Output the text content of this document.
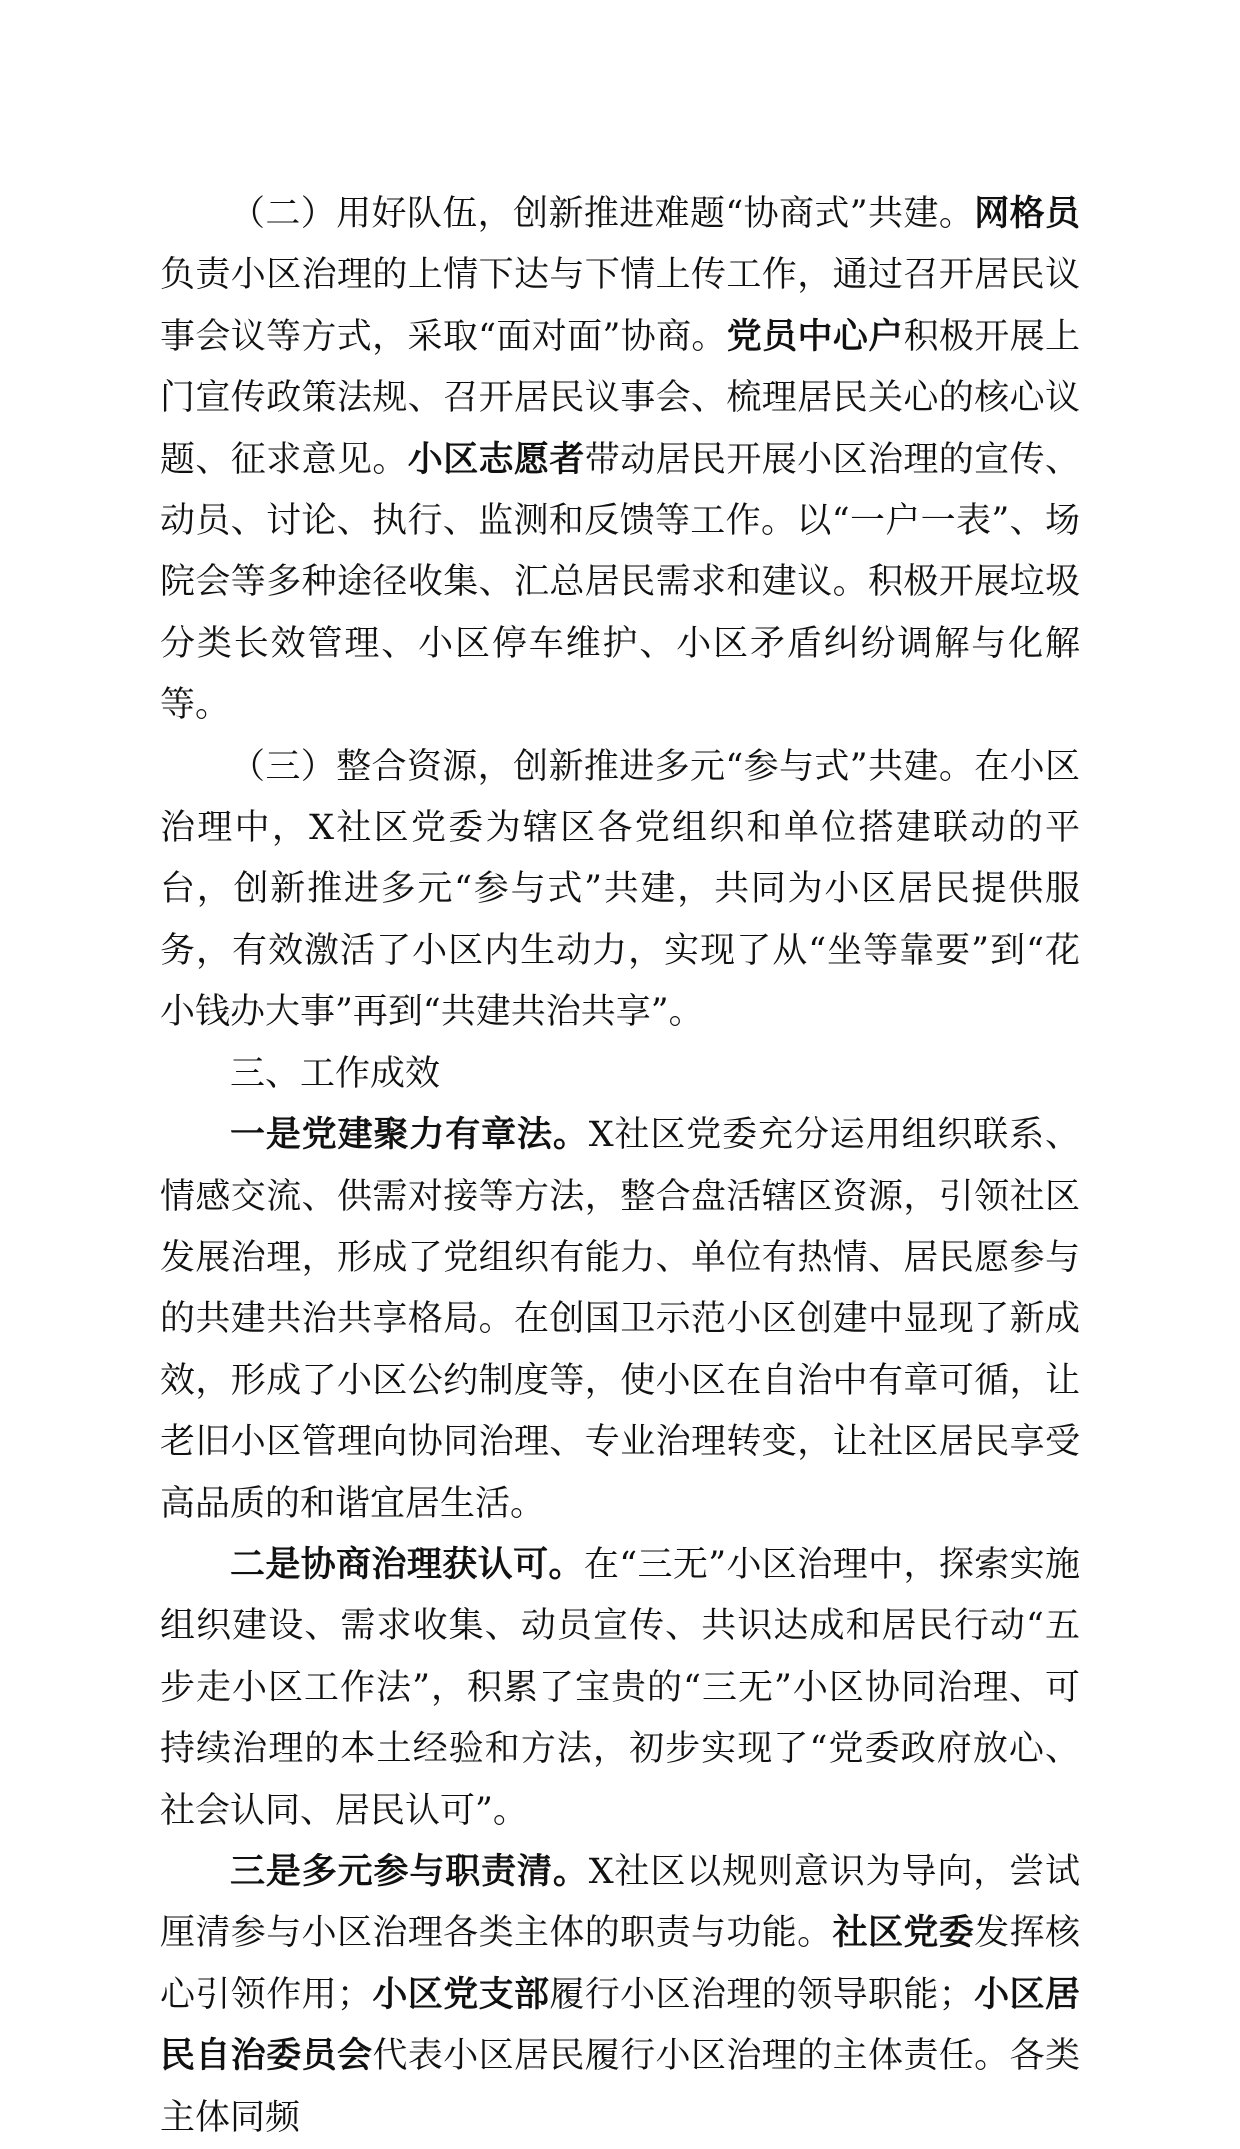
（二）用好队伍，创新推进难题“协商式”共建。网格员负责小区治理的上情下达与下情上传工作，通过召开居民议事会议等方式，采取“面对面”协商。党员中心户积极开展上门宣传政策法规、召开居民议事会、梳理居民关心的核心议题、征求意见。小区志愿者带动居民开展小区治理的宣传、动员、讨论、执行、监测和反馈等工作。以“一户一表”、场院会等多种途径收集、汇总居民需求和建议。积极开展垃圾分类长效管理、小区停车维护、小区矛盾纠纷调解与化解等。

（三）整合资源，创新推进多元“参与式”共建。在小区治理中，X社区党委为辖区各党组织和单位搭建联动的平台，创新推进多元“参与式”共建，共同为小区居民提供服务，有效激活了小区内生动力，实现了从“坐等靠要”到“花小钱办大事”再到“共建共治共享”。

三、工作成效

一是党建聚力有章法。X社区党委充分运用组织联系、情感交流、供需对接等方法，整合盘活辖区资源，引领社区发展治理，形成了党组织有能力、单位有热情、居民愿参与的共建共治共享格局。在创国卫示范小区创建中显现了新成效，形成了小区公约制度等，使小区在自治中有章可循，让老旧小区管理向协同治理、专业治理转变，让社区居民享受高品质的和谐宜居生活。

二是协商治理获认可。在“三无”小区治理中，探索实施组织建设、需求收集、动员宣传、共识达成和居民行动“五步走小区工作法”，积累了宝贵的“三无”小区协同治理、可持续治理的本土经验和方法，初步实现了“党委政府放心、社会认同、居民认可”。

三是多元参与职责清。X社区以规则意识为导向，尝试厘清参与小区治理各类主体的职责与功能。社区党委发挥核心引领作用；小区党支部履行小区治理的领导职能；小区居民自治委员会代表小区居民履行小区治理的主体责任。各类主体同频
